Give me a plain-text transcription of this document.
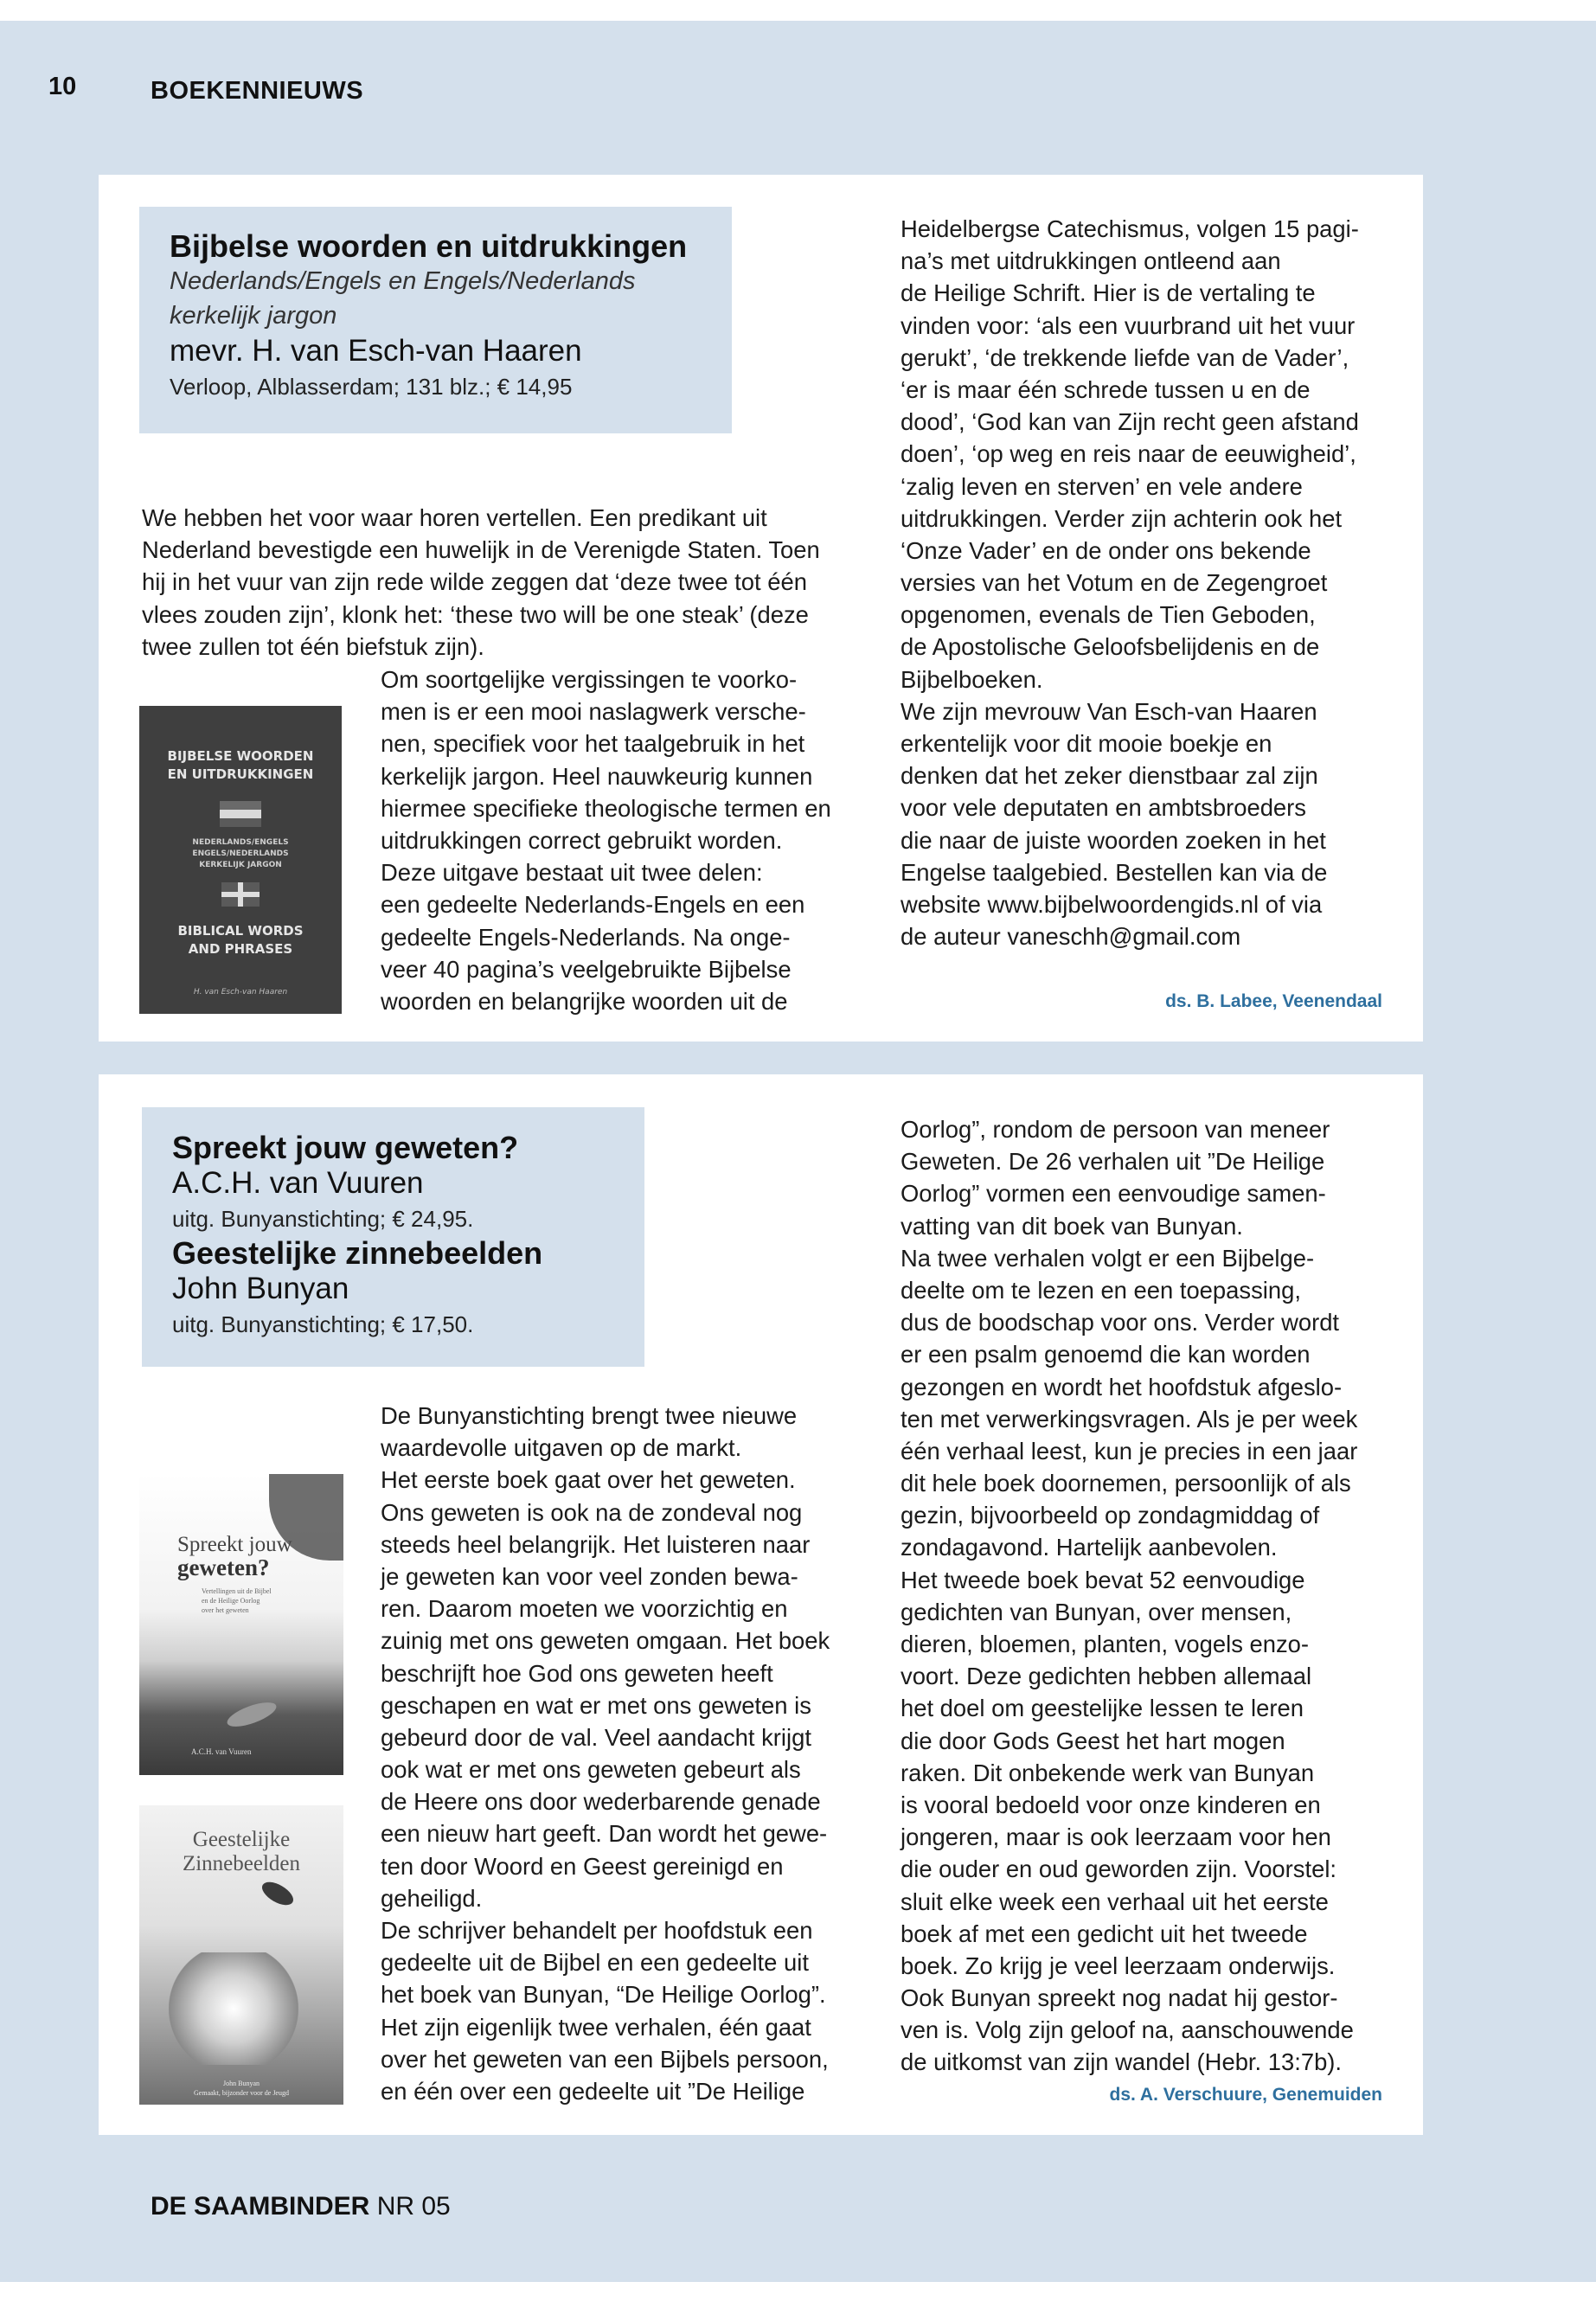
10	BOEKENNIEUWS
Bijbelse woorden en uitdrukkingen
Nederlands/Engels en Engels/Nederlands
kerkelijk jargon
mevr. H. van Esch-van Haaren
Verloop, Alblasserdam; 131 blz.; € 14,95
We hebben het voor waar horen vertellen. Een predikant uit
Nederland bevestigde een huwelijk in de Verenigde Staten. Toen
hij in het vuur van zijn rede wilde zeggen dat ‘deze twee tot één
vlees zouden zijn’, klonk het: ‘these two will be one steak’ (deze
twee zullen tot één biefstuk zijn).
Om soortgelijke vergissingen te voorko-
men is er een mooi naslagwerk versche-
nen, specifiek voor het taalgebruik in het
kerkelijk jargon. Heel nauwkeurig kunnen
hiermee specifieke theologische termen en
uitdrukkingen correct gebruikt worden.
Deze uitgave bestaat uit twee delen:
een gedeelte Nederlands-Engels en een
gedeelte Engels-Nederlands. Na onge-
veer 40 pagina’s veelgebruikte Bijbelse
woorden en belangrijke woorden uit de
Heidelbergse Catechismus, volgen 15 pagi-
na’s met uitdrukkingen ontleend aan
de Heilige Schrift. Hier is de vertaling te
vinden voor: ‘als een vuurbrand uit het vuur
gerukt’, ‘de trekkende liefde van de Vader’,
‘er is maar één schrede tussen u en de
dood’, ‘God kan van Zijn recht geen afstand
doen’, ‘op weg en reis naar de eeuwigheid’,
‘zalig leven en sterven’ en vele andere
uitdrukkingen. Verder zijn achterin ook het
‘Onze Vader’ en de onder ons bekende
versies van het Votum en de Zegengroet
opgenomen, evenals de Tien Geboden,
de Apostolische Geloofsbelijdenis en de
Bijbelboeken.
We zijn mevrouw Van Esch-van Haaren
erkentelijk voor dit mooie boekje en
denken dat het zeker dienstbaar zal zijn
voor vele deputaten en ambtsbroeders
die naar de juiste woorden zoeken in het
Engelse taalgebied. Bestellen kan via de
website www.bijbelwoordengids.nl of via
de auteur vaneschh@gmail.com
BIJBELSE WOORDEN
EN UITDRUKKINGEN
NEDERLANDS/ENGELS
ENGELS/NEDERLANDS
KERKELIJK JARGON
BIBLICAL WORDS
AND PHRASES
H. van Esch-van Haaren	ds. B. Labee, Veenendaal
Spreekt jouw geweten?
A.C.H. van Vuuren
uitg. Bunyanstichting; € 24,95.
Geestelijke zinnebeelden
John Bunyan
uitg. Bunyanstichting; € 17,50.
De Bunyanstichting brengt twee nieuwe
waardevolle uitgaven op de markt.
Het eerste boek gaat over het geweten.
Ons geweten is ook na de zondeval nog
steeds heel belangrijk. Het luisteren naar
je geweten kan voor veel zonden bewa-
ren. Daarom moeten we voorzichtig en
zuinig met ons geweten omgaan. Het boek
beschrijft hoe God ons geweten heeft
geschapen en wat er met ons geweten is
gebeurd door de val. Veel aandacht krijgt
ook wat er met ons geweten gebeurt als
de Heere ons door wederbarende genade
een nieuw hart geeft. Dan wordt het gewe-
ten door Woord en Geest gereinigd en
geheiligd.
De schrijver behandelt per hoofdstuk een
gedeelte uit de Bijbel en een gedeelte uit
het boek van Bunyan, “De Heilige Oorlog”.
Het zijn eigenlijk twee verhalen, één gaat
over het geweten van een Bijbels persoon,
en één over een gedeelte uit ”De Heilige
Oorlog”, rondom de persoon van meneer
Geweten. De 26 verhalen uit ”De Heilige
Oorlog” vormen een eenvoudige samen-
vatting van dit boek van Bunyan.
Na twee verhalen volgt er een Bijbelge-
deelte om te lezen en een toepassing,
dus de boodschap voor ons. Verder wordt
er een psalm genoemd die kan worden
gezongen en wordt het hoofdstuk afgeslo-
ten met verwerkingsvragen. Als je per week
één verhaal leest, kun je precies in een jaar
dit hele boek doornemen, persoonlijk of als
gezin, bijvoorbeeld op zondagmiddag of
zondagavond. Hartelijk aanbevolen.
Het tweede boek bevat 52 eenvoudige
gedichten van Bunyan, over mensen,
dieren, bloemen, planten, vogels enzo-
voort. Deze gedichten hebben allemaal
het doel om geestelijke lessen te leren
die door Gods Geest het hart mogen
raken. Dit onbekende werk van Bunyan
is vooral bedoeld voor onze kinderen en
jongeren, maar is ook leerzaam voor hen
die ouder en oud geworden zijn. Voorstel:
sluit elke week een verhaal uit het eerste
boek af met een gedicht uit het tweede
boek. Zo krijg je veel leerzaam onderwijs.
Ook Bunyan spreekt nog nadat hij gestor-
ven is. Volg zijn geloof na, aanschouwende
de uitkomst van zijn wandel (Hebr. 13:7b).
Spreekt jouw
geweten?
Vertellingen uit de Bijbel
en de Heilige Oorlog
over het geweten
A.C.H. van Vuuren
Geestelijke
Zinnebeelden
John Bunyan
Gemaakt, bijzonder voor de Jeugd	ds. A. Verschuure, Genemuiden
DE SAAMBINDER NR 05
